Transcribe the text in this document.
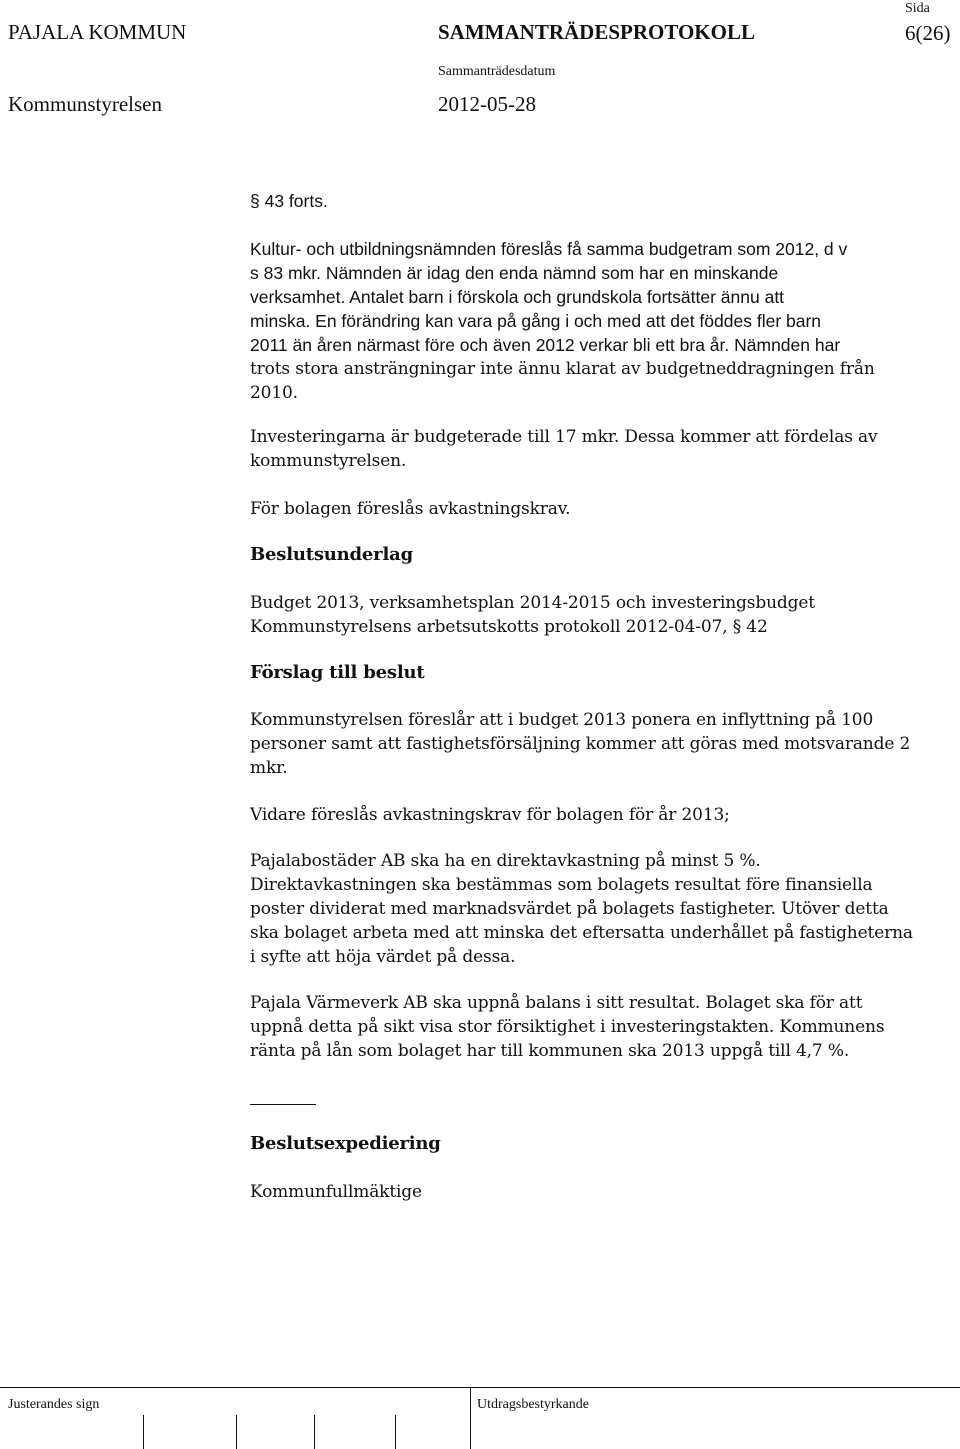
PAJALA KOMMUN	SAMMANTRÄDESPROTOKOLL
Sida
6(26)
Kommunstyrelsen
Sammanträdesdatum
2012-05-28

§ 43 forts.

Kultur- och utbildningsnämnden föreslås få samma budgetram som 2012, d v
s 83 mkr. Nämnden är idag den enda nämnd som har en minskande
verksamhet. Antalet barn i förskola och grundskola fortsätter ännu att
minska. En förändring kan vara på gång i och med att det föddes fler barn
2011 än åren närmast före och även 2012 verkar bli ett bra år. Nämnden har
trots stora ansträngningar inte ännu klarat av budgetneddragningen från
2010.

Investeringarna är budgeterade till 17 mkr. Dessa kommer att fördelas av
kommunstyrelsen.

För bolagen föreslås avkastningskrav.

Beslutsunderlag

Budget 2013, verksamhetsplan 2014-2015 och investeringsbudget
Kommunstyrelsens arbetsutskotts protokoll 2012-04-07, § 42

Förslag till beslut

Kommunstyrelsen föreslår att i budget 2013 ponera en inflyttning på 100
personer samt att fastighetsförsäljning kommer att göras med motsvarande 2
mkr.

Vidare föreslås avkastningskrav för bolagen för år 2013;

Pajalabostäder AB ska ha en direktavkastning på minst 5 %.
Direktavkastningen ska bestämmas som bolagets resultat före finansiella
poster dividerat med marknadsvärdet på bolagets fastigheter. Utöver detta
ska bolaget arbeta med att minska det eftersatta underhållet på fastigheterna
i syfte att höja värdet på dessa.

Pajala Värmeverk AB ska uppnå balans i sitt resultat. Bolaget ska för att
uppnå detta på sikt visa stor försiktighet i investeringstakten. Kommunens
ränta på lån som bolaget har till kommunen ska 2013 uppgå till 4,7 %.

Beslutsexpediering

Kommunfullmäktige

Justerandes sign	Utdragsbestyrkande
